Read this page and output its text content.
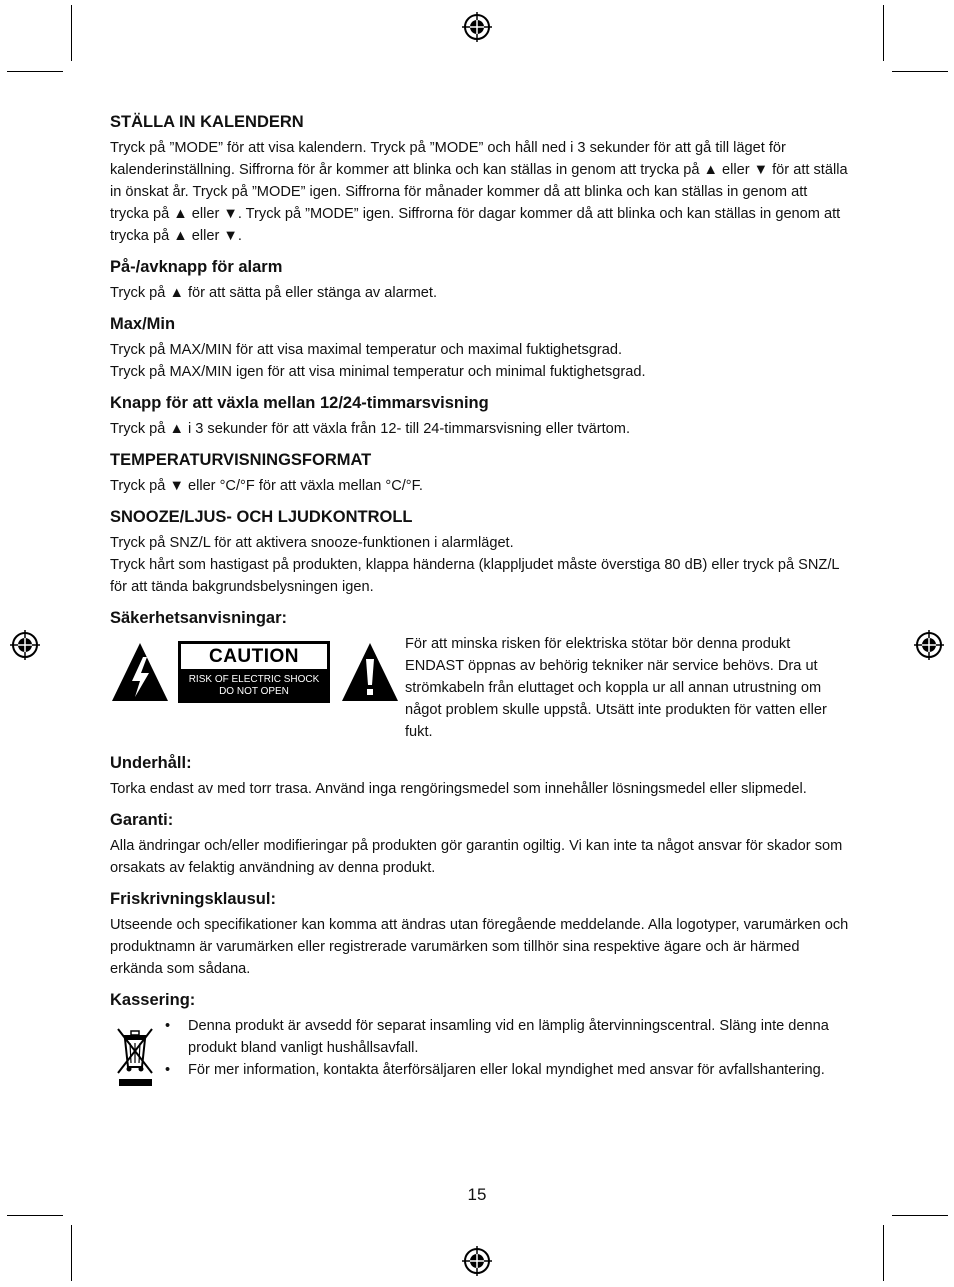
STÄLLA IN KALENDERN

Tryck på ”MODE” för att visa kalendern. Tryck på ”MODE” och håll ned i 3 sekunder för att gå till läget för kalenderinställning. Siffrorna för år kommer att blinka och kan ställas in genom att trycka på ▲ eller ▼ för att ställa in önskat år. Tryck på ”MODE” igen. Siffrorna för månader kommer då att blinka och kan ställas in genom att trycka på ▲ eller ▼. Tryck på ”MODE” igen. Siffrorna för dagar kommer då att blinka och kan ställas in genom att trycka på ▲ eller ▼.

På-/avknapp för alarm

Tryck på ▲ för att sätta på eller stänga av alarmet.

Max/Min

Tryck på MAX/MIN för att visa maximal temperatur och maximal fuktighetsgrad.

Tryck på MAX/MIN igen för att visa minimal temperatur och minimal fuktighetsgrad.

Knapp för att växla mellan 12/24-timmarsvisning

Tryck på ▲ i 3 sekunder för att växla från 12- till 24-timmarsvisning eller tvärtom.

TEMPERATURVISNINGSFORMAT

Tryck på ▼ eller °C/°F för att växla mellan °C/°F.

SNOOZE/LJUS- OCH LJUDKONTROLL

Tryck på SNZ/L för att aktivera snooze-funktionen i alarmläget.

Tryck hårt som hastigast på produkten, klappa händerna (klappljudet måste överstiga 80 dB) eller tryck på SNZ/L för att tända bakgrundsbelysningen igen.

Säkerhetsanvisningar:
CAUTION
RISK OF ELECTRIC SHOCK
DO NOT OPEN

För att minska risken för elektriska stötar bör denna produkt ENDAST öppnas av behörig tekniker när service behövs. Dra ut strömkabeln från eluttaget och koppla ur all annan utrustning om något problem skulle uppstå. Utsätt inte produkten för vatten eller fukt.

Underhåll:

Torka endast av med torr trasa. Använd inga rengöringsmedel som innehåller lösningsmedel eller slipmedel.

Garanti:

Alla ändringar och/eller modifieringar på produkten gör garantin ogiltig. Vi kan inte ta något ansvar för skador som orsakats av felaktig användning av denna produkt.

Friskrivningsklausul:

Utseende och specifikationer kan komma att ändras utan föregående meddelande. Alla logotyper, varumärken och produktnamn är varumärken eller registrerade varumärken som tillhör sina respektive ägare och är härmed erkända som sådana.

Kassering:
• Denna produkt är avsedd för separat insamling vid en lämplig återvinningscentral. Släng inte denna produkt bland vanligt hushållsavfall.
• För mer information, kontakta återförsäljaren eller lokal myndighet med ansvar för avfallshantering.
15
